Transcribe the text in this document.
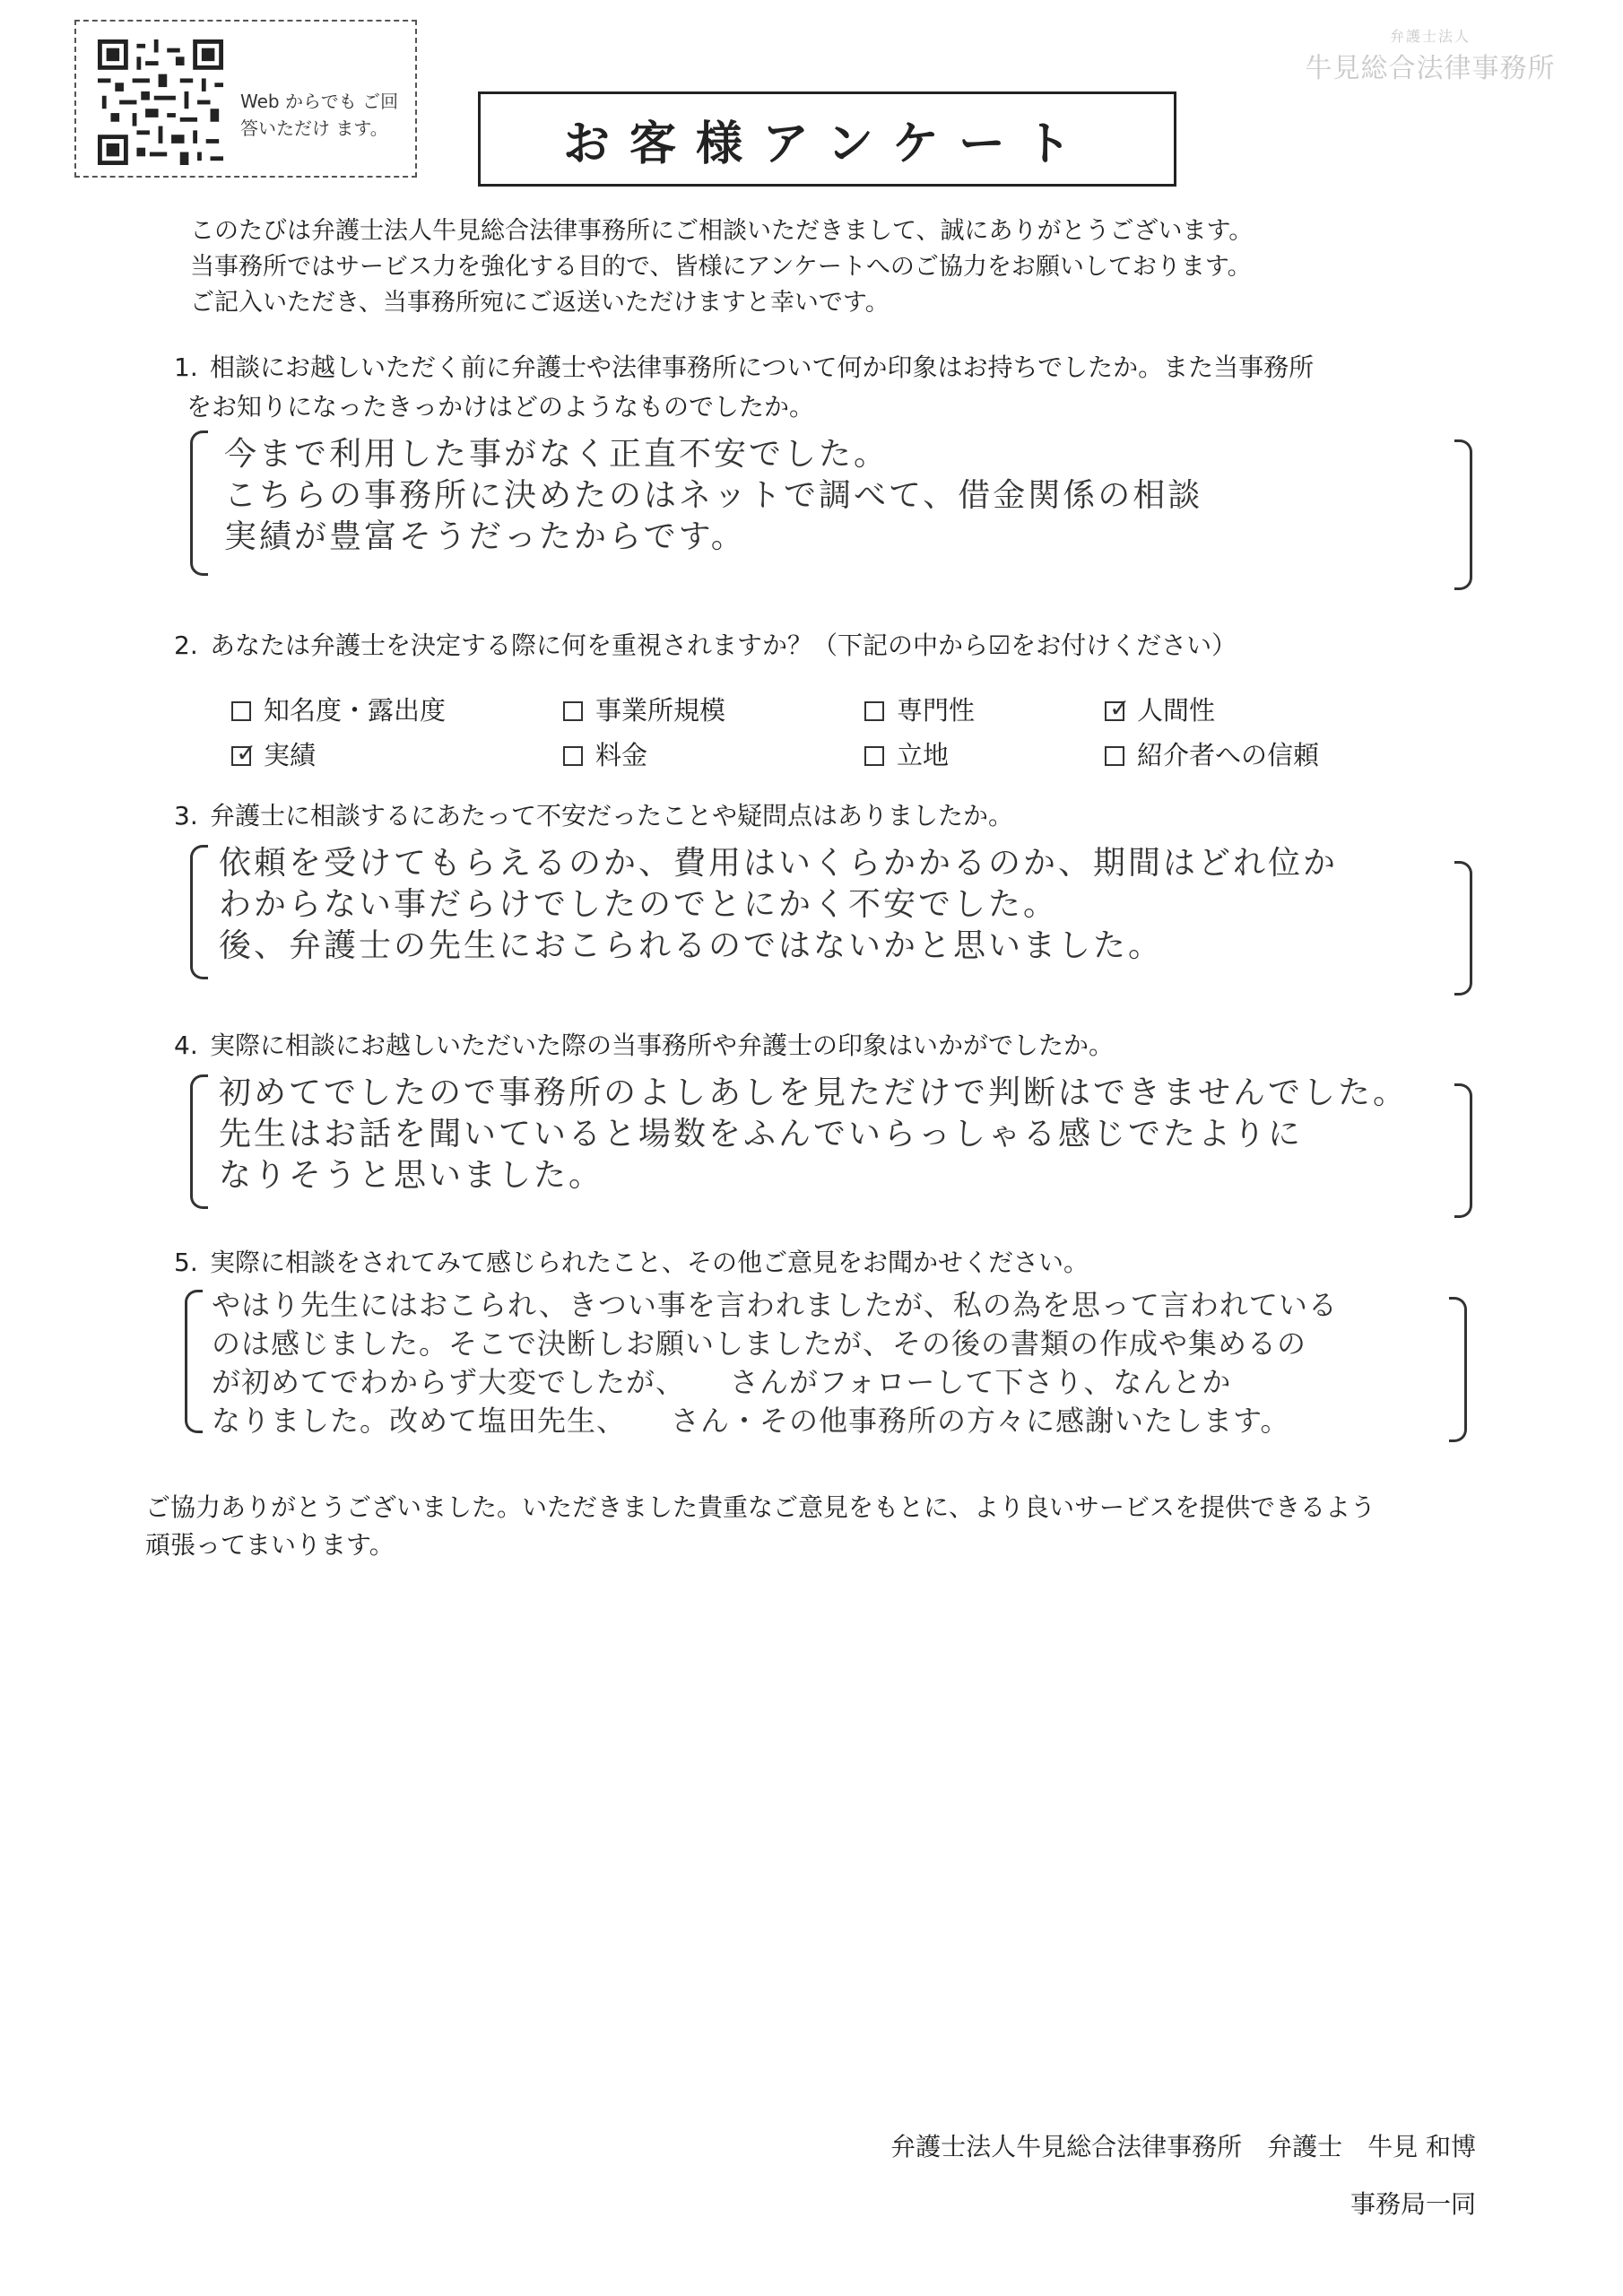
Web からでも ご回答いただけ ます。
弁護士法人
牛見総合法律事務所
お客様アンケート
このたびは弁護士法人牛見総合法律事務所にご相談いただきまして、誠にありがとうございます。
当事務所ではサービス力を強化する目的で、皆様にアンケートへのご協力をお願いしております。
ご記入いただき、当事務所宛にご返送いただけますと幸いです。
1. 相談にお越しいただく前に弁護士や法律事務所について何か印象はお持ちでしたか。また当事務所
をお知りになったきっかけはどのようなものでしたか。
今まで利用した事がなく正直不安でした。
こちらの事務所に決めたのはネットで調べて、借金関係の相談
実績が豊富そうだったからです。
2. あなたは弁護士を決定する際に何を重視されますか？（下記の中から☑をお付けください）
知名度・露出度	事業所規模	専門性
✓	人間性
✓実績	料金	立地	紹介者への信頼
3. 弁護士に相談するにあたって不安だったことや疑問点はありましたか。
依頼を受けてもらえるのか、費用はいくらかかるのか、期間はどれ位か
わからない事だらけでしたのでとにかく不安でした。
後、弁護士の先生におこられるのではないかと思いました。
4. 実際に相談にお越しいただいた際の当事務所や弁護士の印象はいかがでしたか。
初めてでしたので事務所のよしあしを見ただけで判断はできませんでした。
先生はお話を聞いていると場数をふんでいらっしゃる感じでたよりに
なりそうと思いました。
5. 実際に相談をされてみて感じられたこと、その他ご意見をお聞かせください。
やはり先生にはおこられ、きつい事を言われましたが、私の為を思って言われている
のは感じました。そこで決断しお願いしましたが、その後の書類の作成や集めるの
が初めてでわからず大変でしたが、　　さんがフォローして下さり、なんとか
なりました。改めて塩田先生、　　さん・その他事務所の方々に感謝いたします。
ご協力ありがとうございました。いただきました貴重なご意見をもとに、より良いサービスを提供できるよう
頑張ってまいります。
弁護士法人牛見総合法律事務所　弁護士　牛見 和博
事務局一同
